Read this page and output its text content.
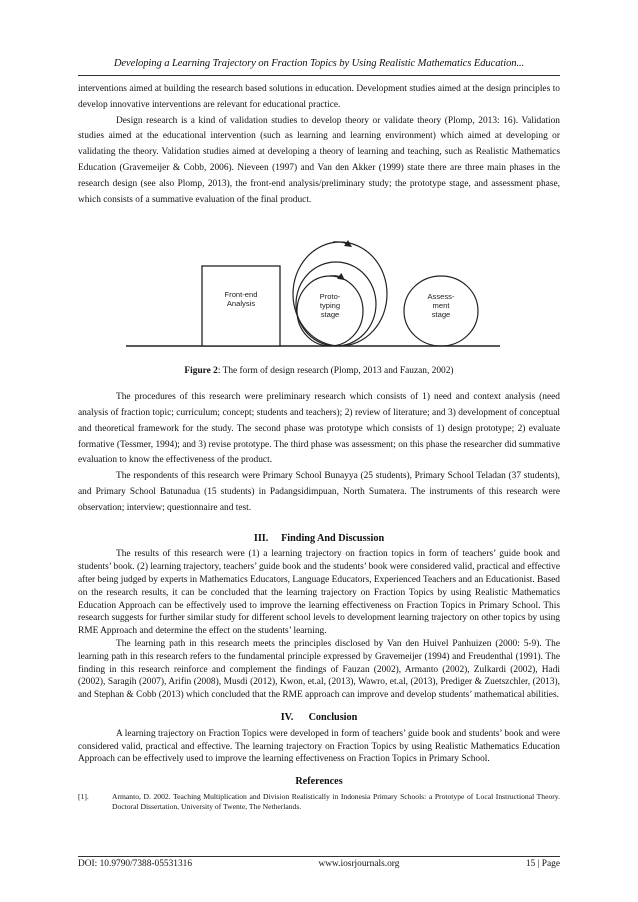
Developing a Learning Trajectory on Fraction Topics by Using Realistic Mathematics Education...

interventions aimed at building the research based solutions in education. Development studies aimed at the design principles to develop innovative interventions are relevant for educational practice.

Design research is a kind of validation studies to develop theory or validate theory (Plomp, 2013: 16). Validation studies aimed at the educational intervention (such as learning and learning environment) which aimed at developing or validating the theory. Validation studies aimed at developing a theory of learning and teaching, such as Realistic Mathematics Education (Gravemeijer & Cobb, 2006). Nieveen (1997) and Van den Akker (1999) state there are three main phases in the research design (see also Plomp, 2013), the front-end analysis/preliminary study; the prototype stage, and assessment phase, which consists of a summative evaluation of the final product.

Front-end
Analysis
Proto-
typing
stage
Assess-
ment
stage
Figure 2: The form of design research (Plomp, 2013 and Fauzan, 2002)

The procedures of this research were preliminary research which consists of 1) need and context analysis (need analysis of fraction topic; curriculum; concept; students and teachers); 2) review of literature; and 3) development of conceptual and theoretical framework for the study. The second phase was prototype which consists of 1) design prototype; 2) evaluate formative (Tessmer, 1994); and 3) revise prototype. The third phase was assessment; on this phase the researcher did summative evaluation to know the effectiveness of the product.

The respondents of this research were Primary School Bunayya (25 students), Primary School Teladan (37 students), and Primary School Batunadua (15 students) in Padangsidimpuan, North Sumatera. The instruments of this research were observation; interview; questionnaire and test.

III. Finding And Discussion

The results of this research were (1) a learning trajectory on fraction topics in form of teachers’ guide book and students’ book. (2) learning trajectory, teachers’ guide book and the students’ book were considered valid, practical and effective after being judged by experts in Mathematics Educators, Language Educators, Experienced Teachers and an Educationist. Based on the research results, it can be concluded that the learning trajectory on Fraction Topics by using Realistic Mathematics Education Approach can be effectively used to improve the learning effectiveness on Fraction Topics in Primary School. This research suggests for further similar study for different school levels to development learning trajectory on other topics by using RME Approach and determine the effect on the students’ learning.

The learning path in this research meets the principles disclosed by Van den Huivel Panhuizen (2000: 5-9). The learning path in this research refers to the fundamental principle expressed by Gravemeijer (1994) and Freudenthal (1991). The finding in this research reinforce and complement the findings of Fauzan (2002), Armanto (2002), Zulkardi (2002), Hadi (2002), Saragih (2007), Arifin (2008), Musdi (2012), Kwon, et.al, (2013), Wawro, et.al, (2013), Prediger & Zuetszchler, (2013), and Stephan & Cobb (2013) which concluded that the RME approach can improve and develop students’ mathematical abilities.

IV. Conclusion

A learning trajectory on Fraction Topics were developed in form of teachers’ guide book and students’ book and were considered valid, practical and effective. The learning trajectory on Fraction Topics by using Realistic Mathematics Education Approach can be effectively used to improve the learning effectiveness on Fraction Topics in Primary School.

References
[1].	Armanto, D. 2002. Teaching Multiplication and Division Realistically in Indonesia Primary Schools: a Prototype of Local Instructional Theory. Doctoral Dissertation, University of Twente, The Netherlands.
DOI: 10.9790/7388-05531316	www.iosrjournals.org	15 | Page
